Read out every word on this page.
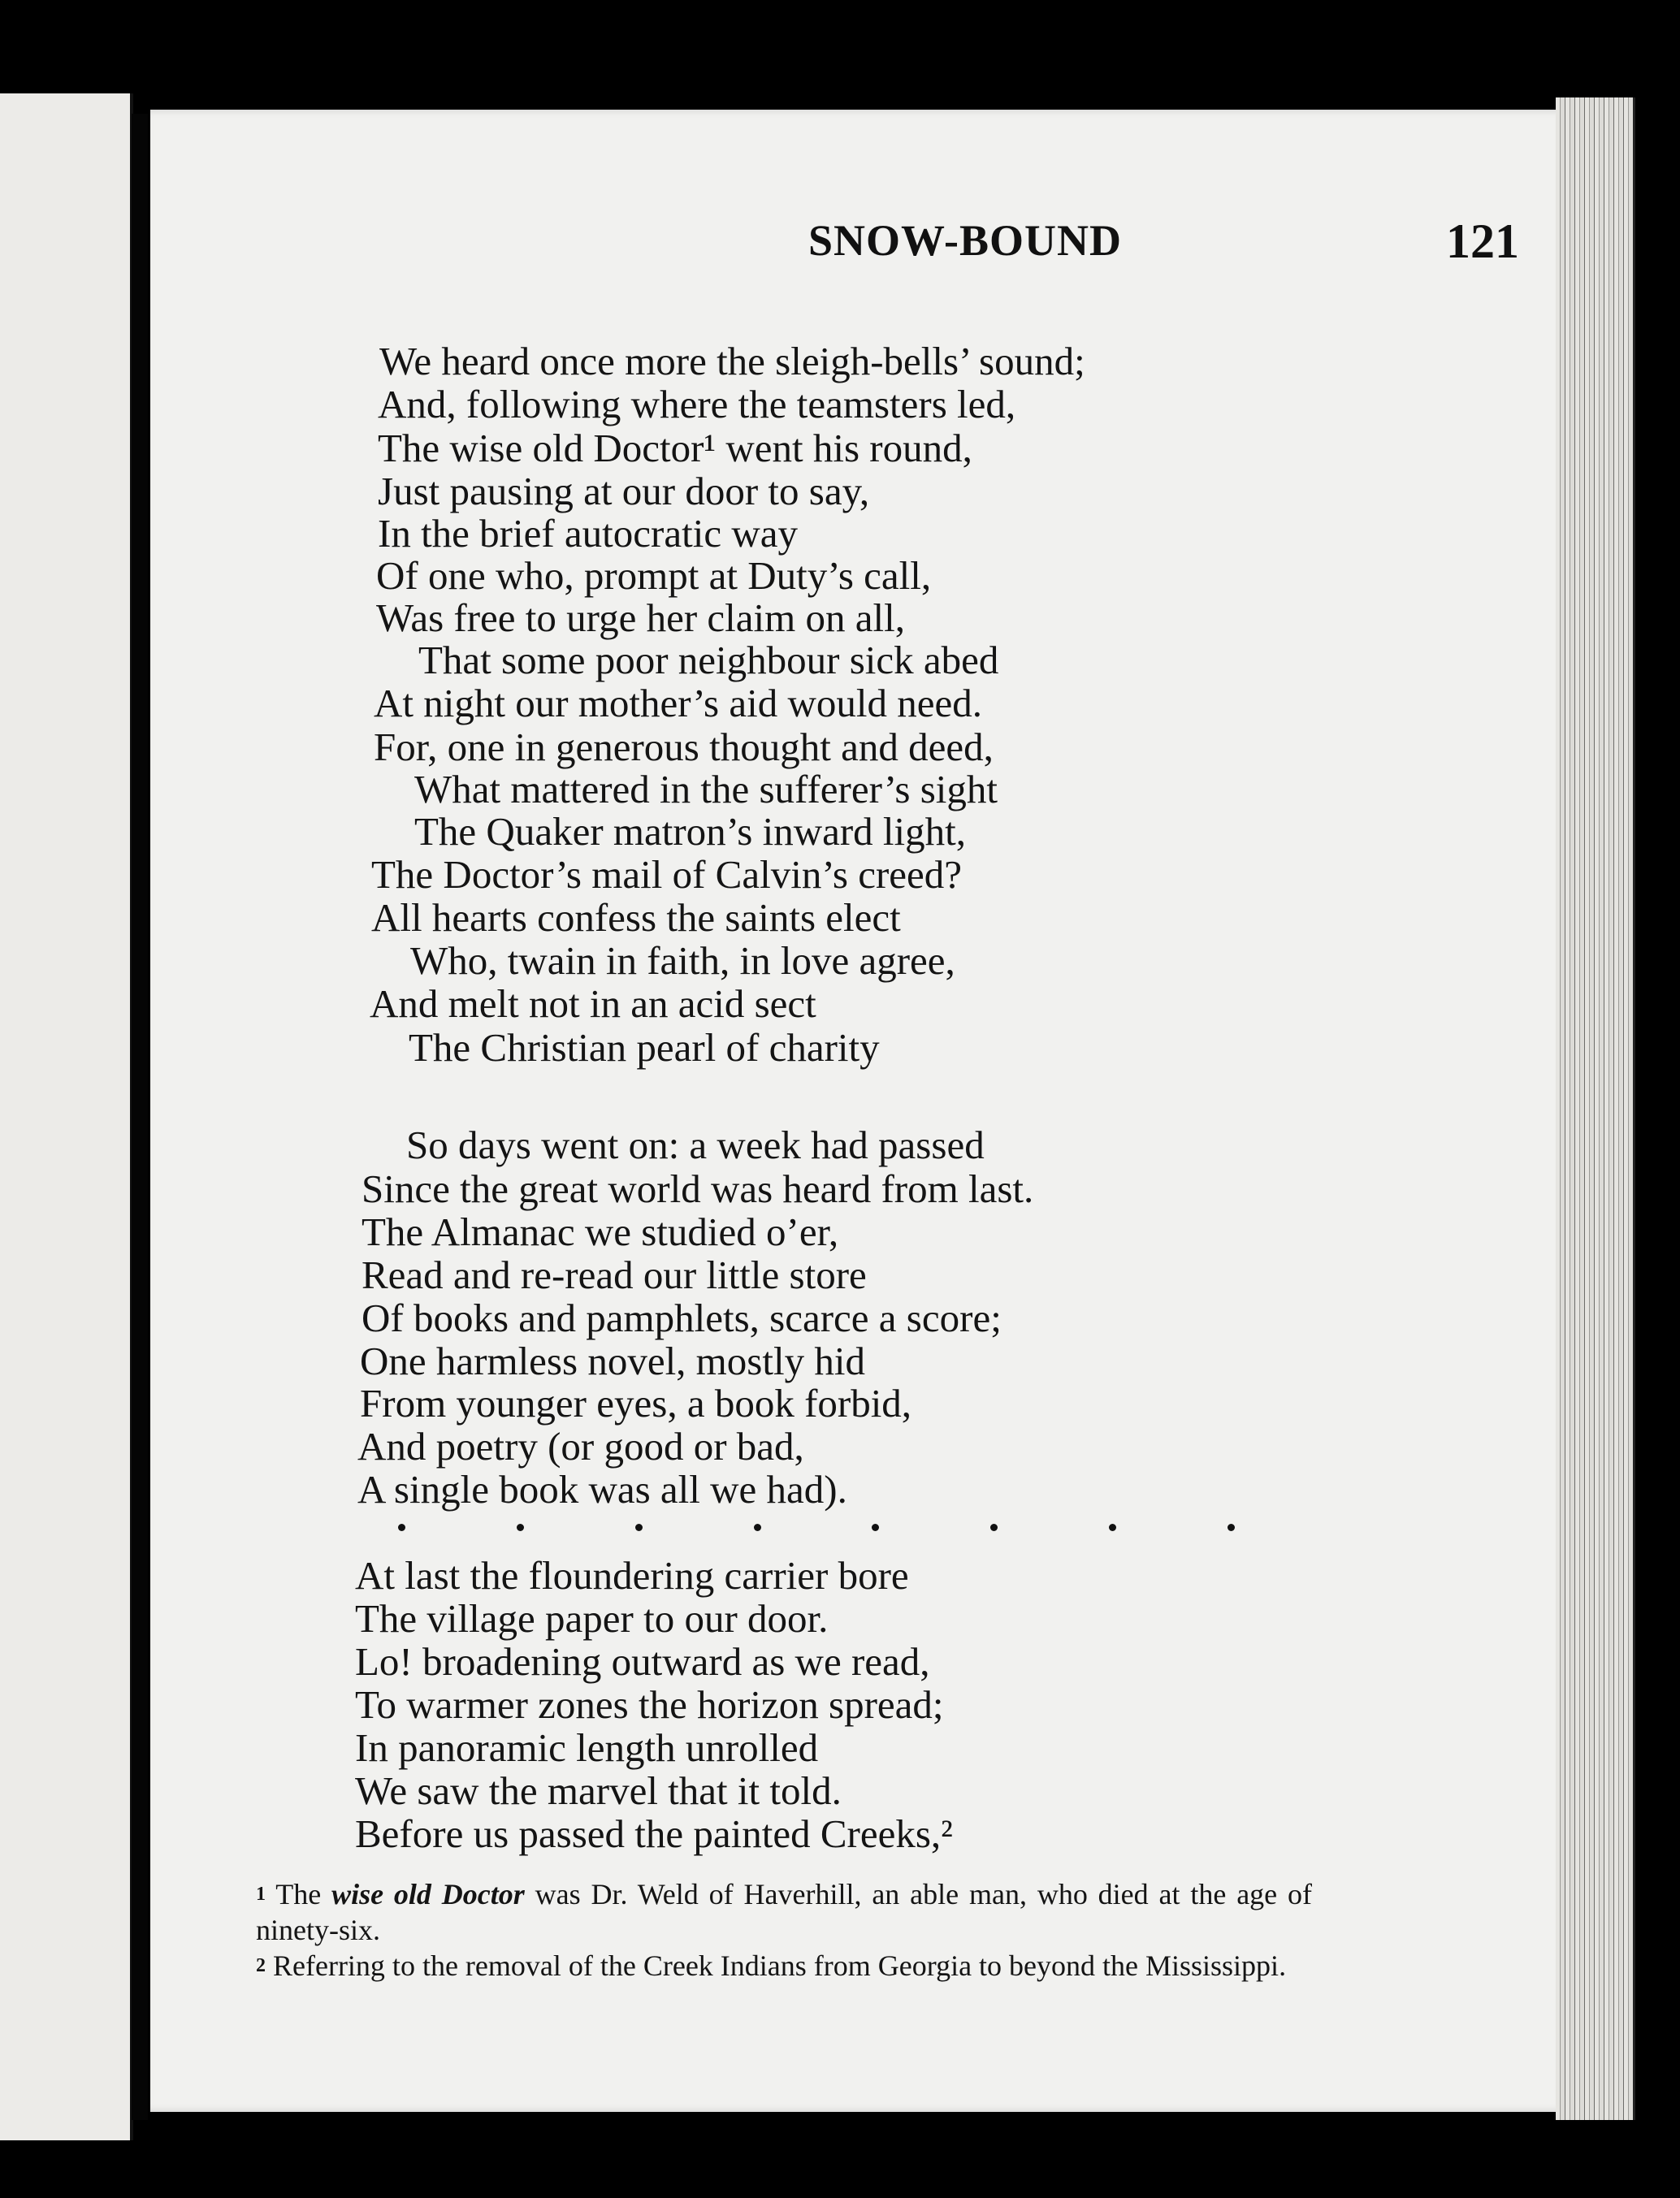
SNOW-BOUND	121
We heard once more the sleigh-bells’ sound;
And, following where the teamsters led,
The wise old Doctor¹ went his round,
Just pausing at our door to say,
In the brief autocratic way
Of one who, prompt at Duty’s call,
Was free to urge her claim on all,
That some poor neighbour sick abed
At night our mother’s aid would need.
For, one in generous thought and deed,
What mattered in the sufferer’s sight
The Quaker matron’s inward light,
The Doctor’s mail of Calvin’s creed?
All hearts confess the saints elect
Who, twain in faith, in love agree,
And melt not in an acid sect
The Christian pearl of charity
So days went on: a week had passed
Since the great world was heard from last.
The Almanac we studied o’er,
Read and re-read our little store
Of books and pamphlets, scarce a score;
One harmless novel, mostly hid
From younger eyes, a book forbid,
And poetry (or good or bad,
A single book was all we had).
At last the floundering carrier bore
The village paper to our door.
Lo! broadening outward as we read,
To warmer zones the horizon spread;
In panoramic length unrolled
We saw the marvel that it told.
Before us passed the painted Creeks,²
$^1$ The wise old Doctor was Dr. Weld of Haverhill, an able man, who died at the age of ninety-six.
$^2$ Referring to the removal of the Creek Indians from Georgia to beyond the Mississippi.
